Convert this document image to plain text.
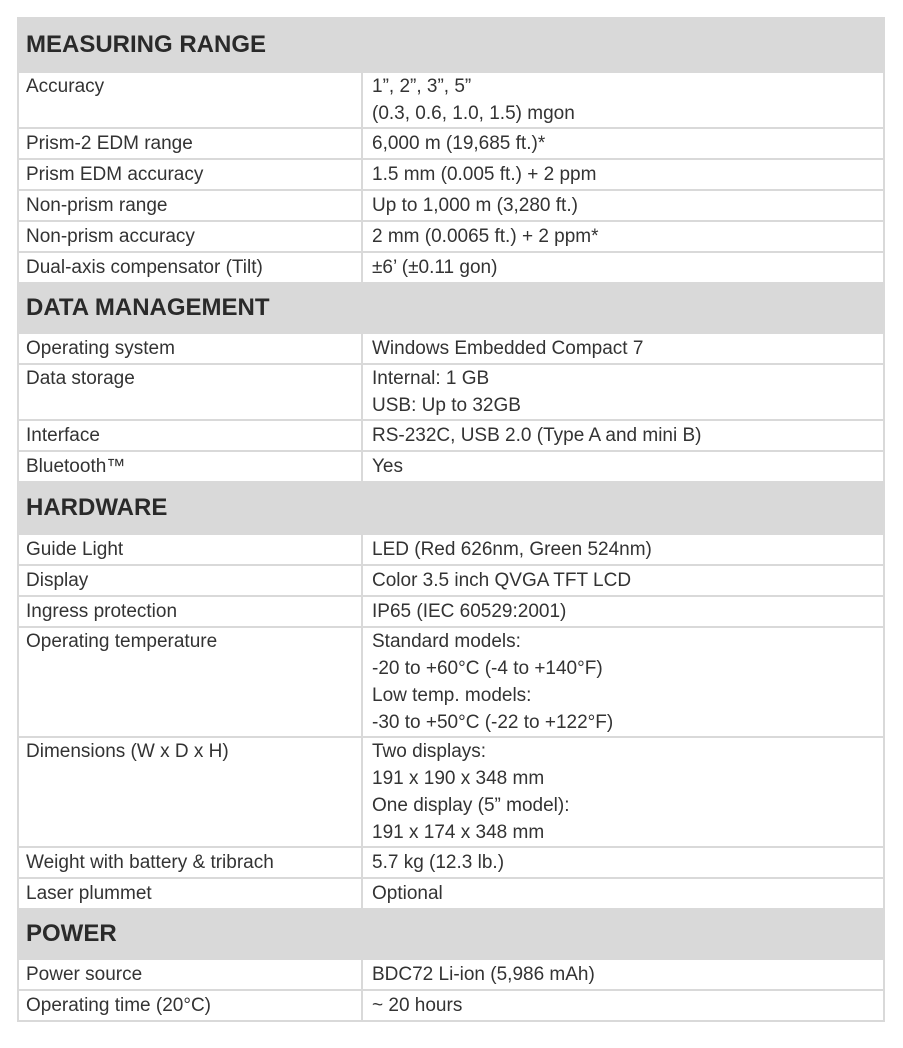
MEASURING RANGE
Accuracy	1”, 2”, 3”, 5”
(0.3, 0.6, 1.0, 1.5) mgon
Prism-2 EDM range	6,000 m (19,685 ft.)*
Prism EDM accuracy	1.5 mm (0.005 ft.) + 2 ppm
Non-prism range	Up to 1,000 m (3,280 ft.)
Non-prism accuracy	2 mm (0.0065 ft.) + 2 ppm*
Dual-axis compensator (Tilt)	±6’ (±0.11 gon)
DATA MANAGEMENT
Operating system	Windows Embedded Compact 7
Data storage	Internal: 1 GB
USB: Up to 32GB
Interface	RS-232C, USB 2.0 (Type A and mini B)
Bluetooth™	Yes
HARDWARE
Guide Light	LED (Red 626nm, Green 524nm)
Display	Color 3.5 inch QVGA TFT LCD
Ingress protection	IP65 (IEC 60529:2001)
Operating temperature	Standard models:
-20 to +60°C (-4 to +140°F)
Low temp. models:
-30 to +50°C (-22 to +122°F)
Dimensions (W x D x H)	Two displays:
191 x 190 x 348 mm
One display (5” model):
191 x 174 x 348 mm
Weight with battery & tribrach	5.7 kg (12.3 lb.)
Laser plummet	Optional
POWER
Power source	BDC72 Li-ion (5,986 mAh)
Operating time (20°C)	~ 20 hours
